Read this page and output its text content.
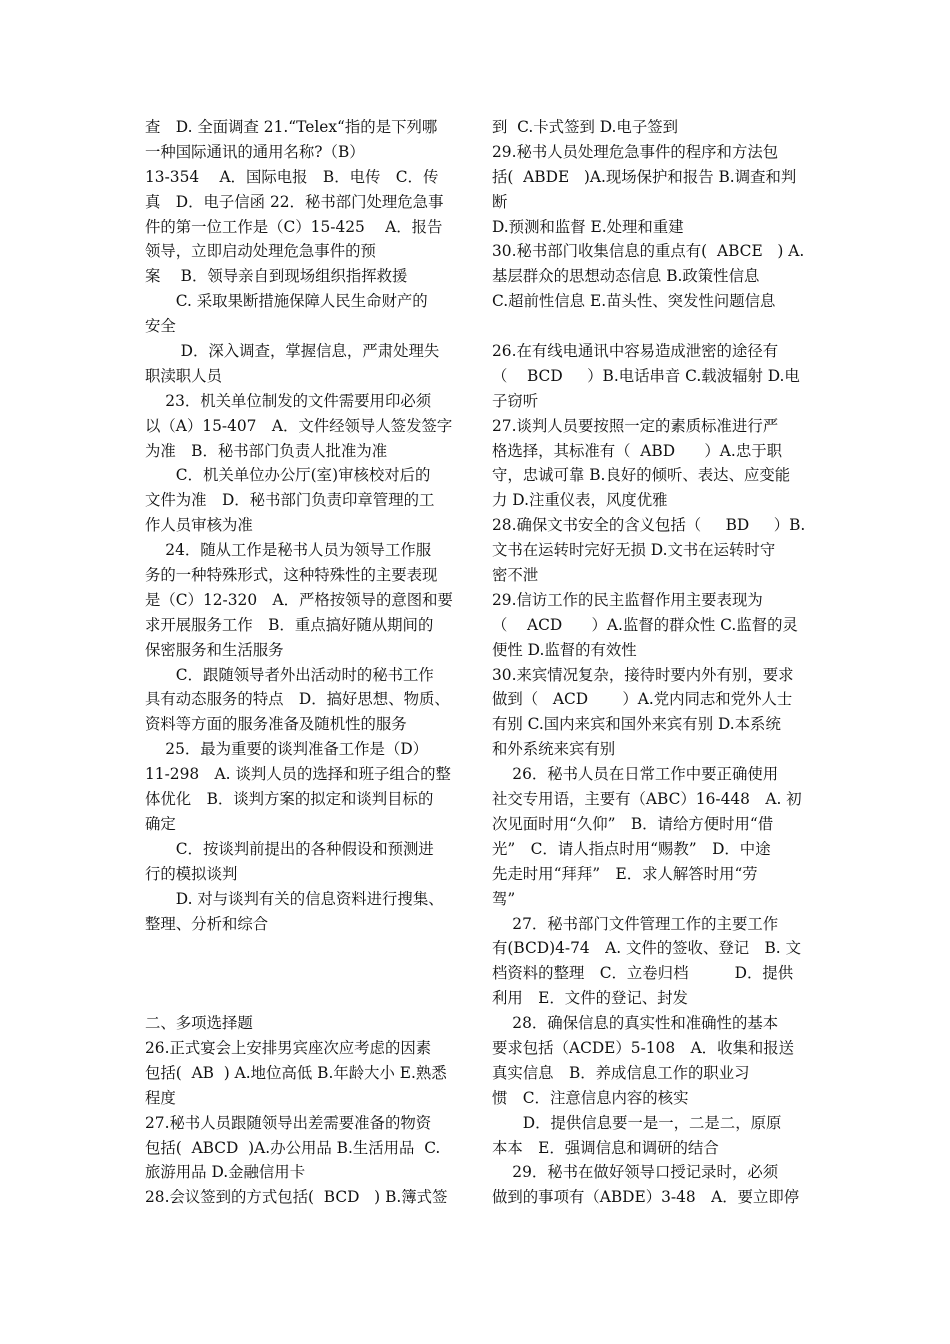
查　D. 全面调查 21.“Telex“指的是下列哪
一种国际通讯的通用名称?（B）
13-354　 A．国际电报　B．电传　C．传
真　D．电子信函 22．秘书部门处理危急事
件的第一位工作是（C）15-425　 A．报告
领导，立即启动处理危急事件的预
案　 B．领导亲自到现场组织指挥救援
　　C. 采取果断措施保障人民生命财产的
安全
　　 D．深入调查，掌握信息，严肃处理失
职渎职人员
　 23．机关单位制发的文件需要用印必须
以（A）15-407　A．文件经领导人签发签字
为准　B．秘书部门负责人批准为准
　　C．机关单位办公厅(室)审核校对后的
文件为准　D．秘书部门负责印章管理的工
作人员审核为准
　 24．随从工作是秘书人员为领导工作服
务的一种特殊形式，这种特殊性的主要表现
是（C）12-320　A．严格按领导的意图和要
求开展服务工作　B．重点搞好随从期间的
保密服务和生活服务
　　C．跟随领导者外出活动时的秘书工作
具有动态服务的特点　D．搞好思想、物质、
资料等方面的服务准备及随机性的服务
　 25．最为重要的谈判准备工作是（D）
11-298　A. 谈判人员的选择和班子组合的整
体优化　B．谈判方案的拟定和谈判目标的
确定
　　C．按谈判前提出的各种假设和预测进
行的模拟谈判
　　D. 对与谈判有关的信息资料进行搜集、
整理、分析和综合
二、多项选择题
26.正式宴会上安排男宾座次应考虑的因素
包括(  AB  ) A.地位高低 B.年龄大小 E.熟悉
程度
27.秘书人员跟随领导出差需要准备的物资
包括(  ABCD  )A.办公用品 B.生活用品  C.
旅游用品 D.金融信用卡
28.会议签到的方式包括(  BCD   ) B.簿式签
到  C.卡式签到 D.电子签到
29.秘书人员处理危急事件的程序和方法包
括(  ABDE   )A.现场保护和报告 B.调查和判
断
D.预测和监督 E.处理和重建
30.秘书部门收集信息的重点有(  ABCE   ) A.
基层群众的思想动态信息 B.政策性信息
C.超前性信息 E.苗头性、突发性问题信息
26.在有线电通讯中容易造成泄密的途径有
（    BCD     ）B.电话串音 C.载波辐射 D.电
子窃听
27.谈判人员要按照一定的素质标准进行严
格选择，其标准有（  ABD      ）A.忠于职
守，忠诚可靠 B.良好的倾听、表达、应变能
力 D.注重仪表，风度优雅
28.确保文书安全的含义包括（     BD     ）B.
文书在运转时完好无损 D.文书在运转时守
密不泄
29.信访工作的民主监督作用主要表现为
（    ACD      ）A.监督的群众性 C.监督的灵
便性 D.监督的有效性
30.来宾情况复杂，接待时要内外有别，要求
做到（   ACD       ）A.党内同志和党外人士
有别 C.国内来宾和国外来宾有别 D.本系统
和外系统来宾有别
　 26．秘书人员在日常工作中要正确使用
社交专用语，主要有（ABC）16-448　A. 初
次见面时用“久仰”　B．请给方便时用“借
光”　C．请人指点时用“赐教”　D．中途
先走时用“拜拜”　E．求人解答时用“劳
驾”
　 27．秘书部门文件管理工作的主要工作
有(BCD)4-74　A. 文件的签收、登记　B. 文
档资料的整理　C．立卷归档　　　D．提供
利用　E．文件的登记、封发
　 28．确保信息的真实性和准确性的基本
要求包括（ACDE）5-108　A．收集和报送
真实信息　B．养成信息工作的职业习
惯　C．注意信息内容的核实
　　D．提供信息要一是一，二是二，原原
本本　E．强调信息和调研的结合
　 29．秘书在做好领导口授记录时，必须
做到的事项有（ABDE）3-48　A．要立即停
